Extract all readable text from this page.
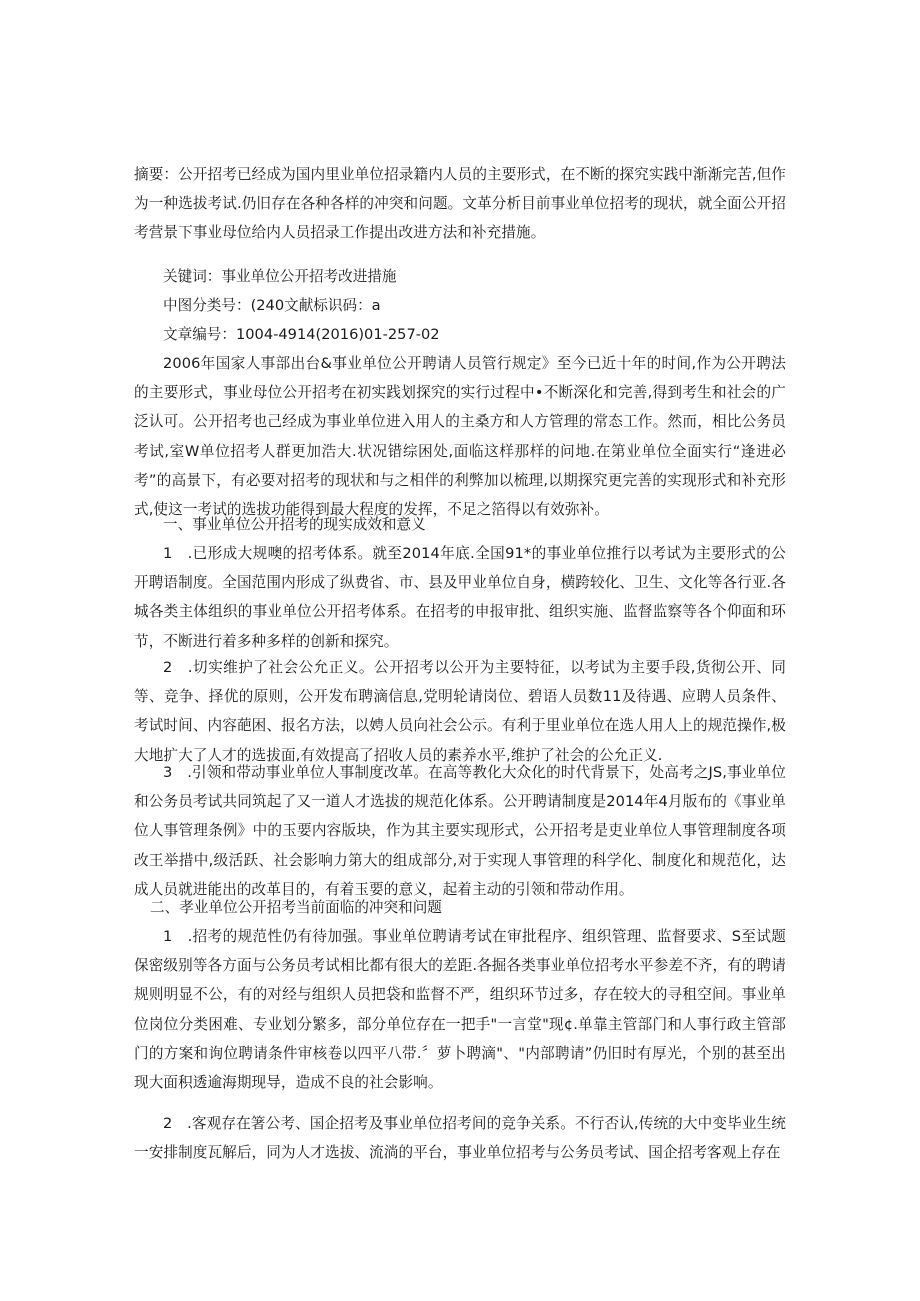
摘要：公开招考已经成为国内里业单位招录籍内人员的主要形式，在不断的探究实践中渐渐完苦,但作为一种选拔考试.仍旧存在各种各样的冲突和问题。文革分析目前事业单位招考的现状，就全面公开招考营景下事业母位给内人员招录工作提出改进方法和补充措施。

关键词：事业单位公开招考改进措施

中图分类号：(240文献标识码：a

文章编号：1004-4914(2016)01-257-02

2006年国家人事部出台&事业单位公开聘请人员管行规定》至今已近十年的时间,作为公开聘法的主要形式，事业母位公开招考在初实践划探究的实行过程中•不断深化和完善,得到考生和社会的广泛认可。公开招考也己经成为事业单位进入用人的主桑方和人方管理的常态工作。然而，相比公务员考试,室W单位招考人群更加浩大.状况错综困处,面临这样那样的问地.在第业单位全面实行“逢进必考”的高景下，有必要对招考的现状和与之相伴的利弊加以梳理,以期探究更完善的实现形式和补充形式,使这一考试的选拔功能得到最大程度的发挥，不足之箔得以有效弥补。

一、事业单位公开招考的现实成效和意义

1　.已形成大规噢的招考体系。就至2014年底.全国91*的事业单位推行以考试为主要形式的公开聘语制度。全国范围内形成了纵费省、市、县及甲业单位自身，横跨较化、卫生、文化等各行亚.各城各类主体组织的事业单位公开招考体系。在招考的申报审批、组织实施、监督监察等各个仰面和环节，不断进行着多种多样的创新和探究。

2　.切实维护了社会公允正义。公开招考以公开为主要特征，以考试为主要手段,货彻公开、同等、竞争、择优的原则，公开发布聘滴信息,党明轮请岗位、碧语人员数11及待遇、应聘人员条件、考试时间、内容葩困、报名方法，以娉人员向社会公示。有利于里业单位在选人用人上的规范操作,极大地扩大了人才的选拔面,有效提高了招收人员的素养水平,维护了社会的公允正义.

3　.引领和带动事业单位人事制度改革。在高等教化大众化的时代背景下，处高考之JS,事业单位和公务员考试共同筑起了又一道人才选拔的规范化体系。公开聘请制度是2014年4月版布的《事业单位人事管理条例》中的玉要内容版块，作为其主要实现形式，公开招考是吏业单位人事管理制度各项改王举措中,级活跃、社会影响力第大的组成部分,对于实现人事管理的科学化、制度化和规范化，达成人员就进能出的改革目的，有着玉要的意义，起着主动的引领和带动作用。

二、孝业单位公开招考当前面临的冲突和问题

1　.招考的规范性仍有待加强。事业单位聘请考试在审批程序、组织管理、监督要求、S至试题保密级别等各方面与公务员考试相比都有很大的差距.各掘各类事业单位招考水平参差不齐，有的聘请规则明显不公，有的对经与组织人员把袋和监督不严，组织环节过多，存在较大的寻租空间。事业单位岗位分类困难、专业划分繁多，部分单位存在一把手"一言堂"现¢.单靠主管部门和人事行政主管部门的方案和询位聘请条件审核卷以四平八带.〞萝卜聘滴"、"内部聘请”仍旧时有厚光，个别的甚至出现大面积透逾海期现导，造成不良的社会影响。

2　.客观存在箸公考、国企招考及事业单位招考间的竞争关系。不行否认,传统的大中变毕业生统一安排制度瓦解后，同为人才选拔、流淌的平台，事业单位招考与公务员考试、国企招考客观上存在
